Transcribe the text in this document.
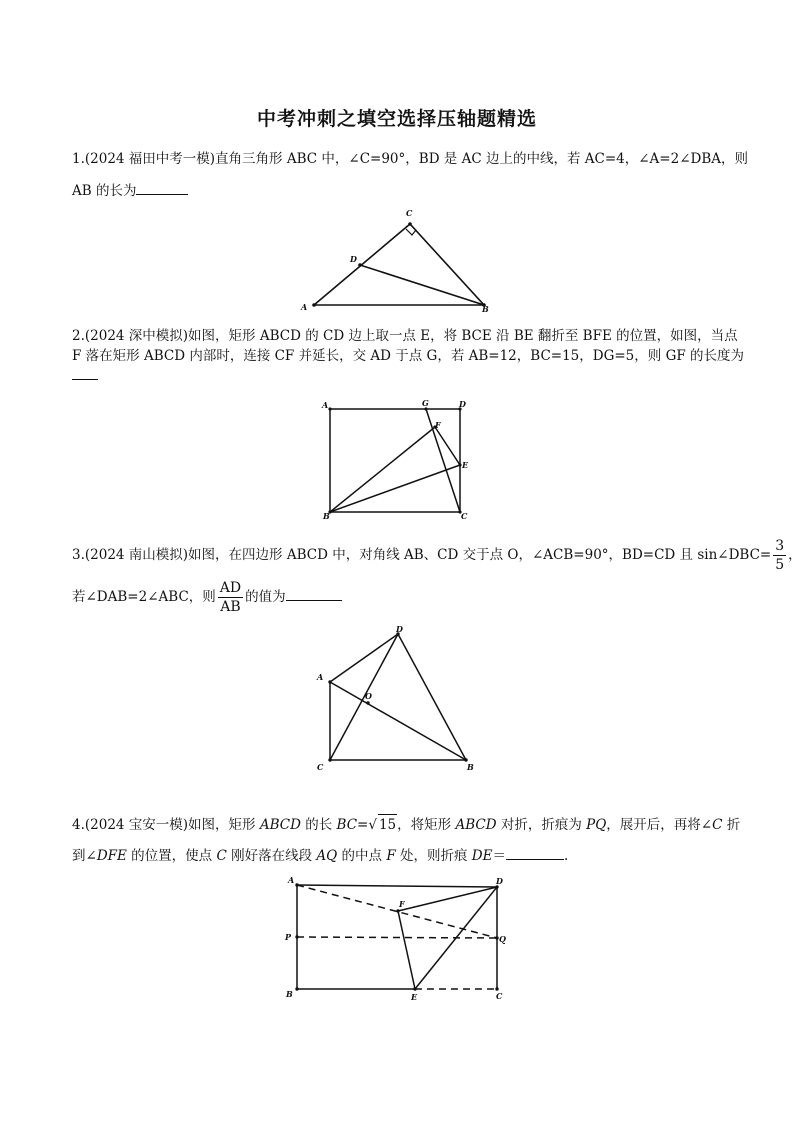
中考冲刺之填空选择压轴题精选
1.(2024 福田中考一模)直角三角形 ABC 中，∠C=90°，BD 是 AC 边上的中线，若 AC=4，∠A=2∠DBA，则
AB 的长为
A	B
C
D
2.(2024 深中模拟)如图，矩形 ABCD 的 CD 边上取一点 E，将 BCE 沿 BE 翻折至 BFE 的位置，如图，当点
F 落在矩形 ABCD 内部时，连接 CF 并延长，交 AD 于点 G，若 AB=12，BC=15，DG=5，则 GF 的长度为
A
B	C
D
E
F
G
3.(2024 南山模拟)如图，在四边形 ABCD 中，对角线 AB、CD 交于点 O，∠ACB=90°，BD=CD 且 sin∠DBC= $\frac{3}{5}$ ，
若∠DAB=2∠ABC，则 $\frac{AD}{AB}$ 的值为
A
B
C
D
O
4.(2024 宝安一模)如图，矩形 ABCD 的长 BC=√ 15，将矩形 ABCD 对折，折痕为 PQ，展开后，再将∠C 折
到∠DFE 的位置，使点 C 刚好落在线段 AQ 的中点 F 处，则折痕 DE＝	.
A
B	C
D
E
F
P	Q
